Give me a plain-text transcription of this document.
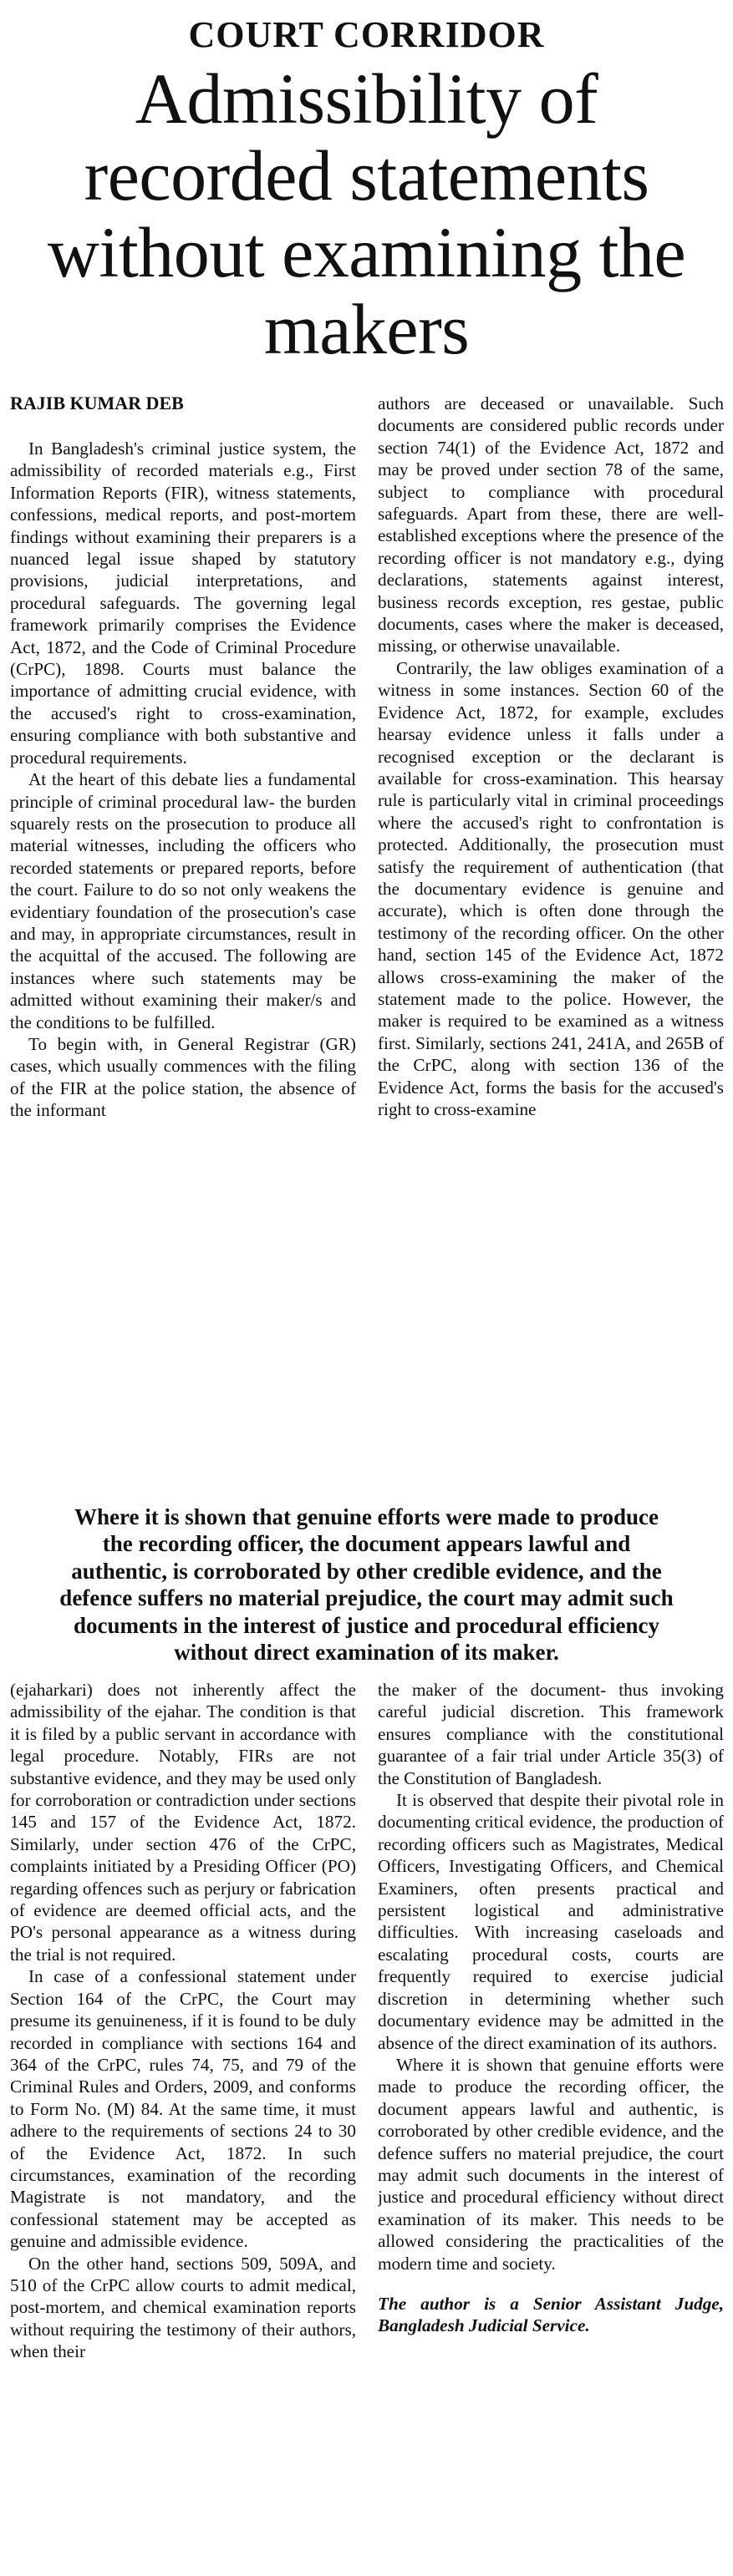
COURT CORRIDOR
Admissibility of recorded statements without examining the makers
RAJIB KUMAR DEB

In Bangladesh's criminal justice system, the admissibility of recorded materials e.g., First Information Reports (FIR), witness statements, confessions, medical reports, and post-mortem findings without examining their preparers is a nuanced legal issue shaped by statutory provisions, judicial interpretations, and procedural safeguards. The governing legal framework primarily comprises the Evidence Act, 1872, and the Code of Criminal Procedure (CrPC), 1898. Courts must balance the importance of admitting crucial evidence, with the accused's right to cross-examination, ensuring compliance with both substantive and procedural requirements.

At the heart of this debate lies a fundamental principle of criminal procedural law- the burden squarely rests on the prosecution to produce all material witnesses, including the officers who recorded statements or prepared reports, before the court. Failure to do so not only weakens the evidentiary foundation of the prosecution's case and may, in appropriate circumstances, result in the acquittal of the accused. The following are instances where such statements may be admitted without examining their maker/s and the conditions to be fulfilled.

To begin with, in General Registrar (GR) cases, which usually commences with the filing of the FIR at the police station, the absence of the informant

authors are deceased or unavailable. Such documents are considered public records under section 74(1) of the Evidence Act, 1872 and may be proved under section 78 of the same, subject to compliance with procedural safeguards. Apart from these, there are well-established exceptions where the presence of the recording officer is not mandatory e.g., dying declarations, statements against interest, business records exception, res gestae, public documents, cases where the maker is deceased, missing, or otherwise unavailable.

Contrarily, the law obliges examination of a witness in some instances. Section 60 of the Evidence Act, 1872, for example, excludes hearsay evidence unless it falls under a recognised exception or the declarant is available for cross-examination. This hearsay rule is particularly vital in criminal proceedings where the accused's right to confrontation is protected. Additionally, the prosecution must satisfy the requirement of authentication (that the documentary evidence is genuine and accurate), which is often done through the testimony of the recording officer. On the other hand, section 145 of the Evidence Act, 1872 allows cross-examining the maker of the statement made to the police. However, the maker is required to be examined as a witness first. Similarly, sections 241, 241A, and 265B of the CrPC, along with section 136 of the Evidence Act, forms the basis for the accused's right to cross-examine

Where it is shown that genuine efforts were made to produce the recording officer, the document appears lawful and authentic, is corroborated by other credible evidence, and the defence suffers no material prejudice, the court may admit such documents in the interest of justice and procedural efficiency without direct examination of its maker.

(ejaharkari) does not inherently affect the admissibility of the ejahar. The condition is that it is filed by a public servant in accordance with legal procedure. Notably, FIRs are not substantive evidence, and they may be used only for corroboration or contradiction under sections 145 and 157 of the Evidence Act, 1872. Similarly, under section 476 of the CrPC, complaints initiated by a Presiding Officer (PO) regarding offences such as perjury or fabrication of evidence are deemed official acts, and the PO's personal appearance as a witness during the trial is not required.

In case of a confessional statement under Section 164 of the CrPC, the Court may presume its genuineness, if it is found to be duly recorded in compliance with sections 164 and 364 of the CrPC, rules 74, 75, and 79 of the Criminal Rules and Orders, 2009, and conforms to Form No. (M) 84. At the same time, it must adhere to the requirements of sections 24 to 30 of the Evidence Act, 1872. In such circumstances, examination of the recording Magistrate is not mandatory, and the confessional statement may be accepted as genuine and admissible evidence.

On the other hand, sections 509, 509A, and 510 of the CrPC allow courts to admit medical, post-mortem, and chemical examination reports without requiring the testimony of their authors, when their

the maker of the document- thus invoking careful judicial discretion. This framework ensures compliance with the constitutional guarantee of a fair trial under Article 35(3) of the Constitution of Bangladesh.

It is observed that despite their pivotal role in documenting critical evidence, the production of recording officers such as Magistrates, Medical Officers, Investigating Officers, and Chemical Examiners, often presents practical and persistent logistical and administrative difficulties. With increasing caseloads and escalating procedural costs, courts are frequently required to exercise judicial discretion in determining whether such documentary evidence may be admitted in the absence of the direct examination of its authors.

Where it is shown that genuine efforts were made to produce the recording officer, the document appears lawful and authentic, is corroborated by other credible evidence, and the defence suffers no material prejudice, the court may admit such documents in the interest of justice and procedural efficiency without direct examination of its maker. This needs to be allowed considering the practicalities of the modern time and society.

The author is a Senior Assistant Judge, Bangladesh Judicial Service.
